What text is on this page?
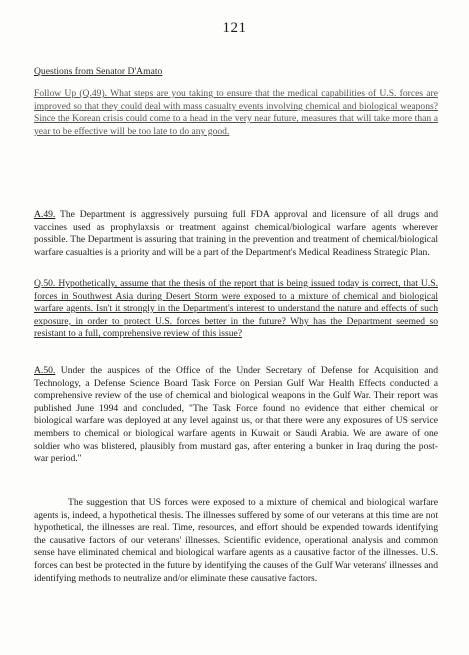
121
Questions from Senator D'Amato

Follow Up (Q.49). What steps are you taking to ensure that the medical capabilities of U.S. forces are improved so that they could deal with mass casualty events involving chemical and biological weapons? Since the Korean crisis could come to a head in the very near future, measures that will take more than a year to be effective will be too late to do any good.

A.49. The Department is aggressively pursuing full FDA approval and licensure of all drugs and vaccines used as prophylaxsis or treatment against chemical/biological warfare agents wherever possible. The Department is assuring that training in the prevention and treatment of chemical/biological warfare casualties is a priority and will be a part of the Department's Medical Readiness Strategic Plan.

Q.50. Hypothetically, assume that the thesis of the report that is being issued today is correct, that U.S. forces in Southwest Asia during Desert Storm were exposed to a mixture of chemical and biological warfare agents. Isn't it strongly in the Department's interest to understand the nature and effects of such exposure, in order to protect U.S. forces better in the future? Why has the Department seemed so resistant to a full, comprehensive review of this issue?

A.50. Under the auspices of the Office of the Under Secretary of Defense for Acquisition and Technology, a Defense Science Board Task Force on Persian Gulf War Health Effects conducted a comprehensive review of the use of chemical and biological weapons in the Gulf War. Their report was published June 1994 and concluded, "The Task Force found no evidence that either chemical or biological warfare was deployed at any level against us, or that there were any exposures of US service members to chemical or biological warfare agents in Kuwait or Saudi Arabia. We are aware of one soldier who was blistered, plausibly from mustard gas, after entering a bunker in Iraq during the post-war period."

The suggestion that US forces were exposed to a mixture of chemical and biological warfare agents is, indeed, a hypothetical thesis. The illnesses suffered by some of our veterans at this time are not hypothetical, the illnesses are real. Time, resources, and effort should be expended towards identifying the causative factors of our veterans' illnesses. Scientific evidence, operational analysis and common sense have eliminated chemical and biological warfare agents as a causative factor of the illnesses. U.S. forces can best be protected in the future by identifying the causes of the Gulf War veterans' illnesses and identifying methods to neutralize and/or eliminate these causative factors.
